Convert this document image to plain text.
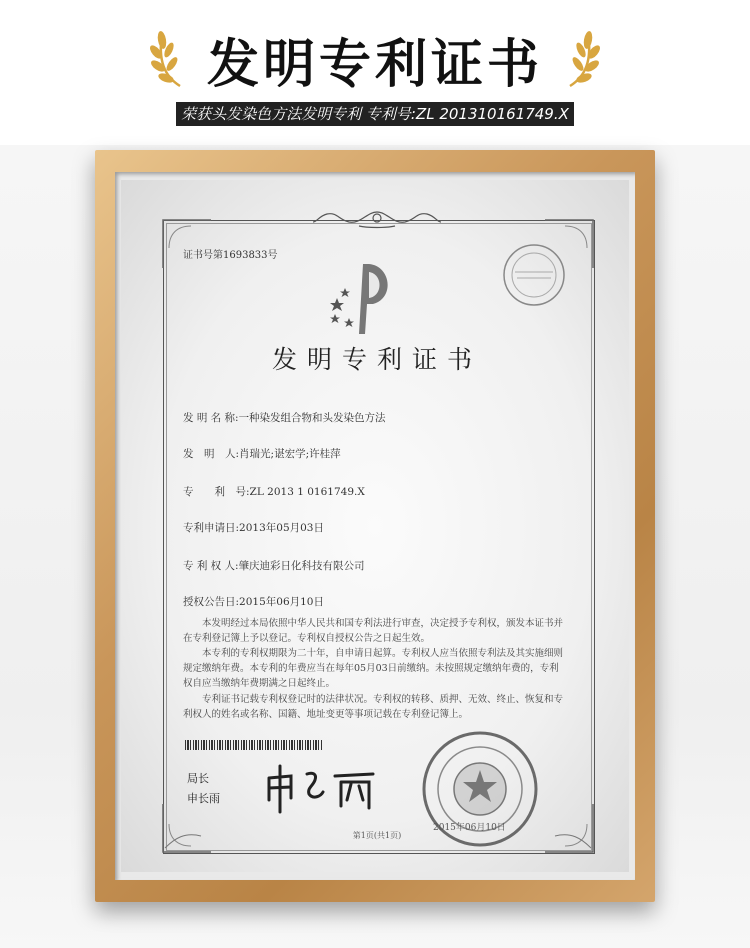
发明专利证书
荣获头发染色方法发明专利 专利号:ZL 201310161749.X
证书号第1693833号
发明专利证书
发 明 名 称:一种染发组合物和头发染色方法
发　明　人:肖瑞光;谌宏学;许桂萍
专　　利　号:ZL 2013 1 0161749.X
专利申请日:2013年05月03日
专 利 权 人:肇庆迪彩日化科技有限公司
授权公告日:2015年06月10日
本发明经过本局依照中华人民共和国专利法进行审查，决定授予专利权，颁发本证书并在专利登记簿上予以登记。专利权自授权公告之日起生效。
本专利的专利权期限为二十年，自申请日起算。专利权人应当依照专利法及其实施细则规定缴纳年费。本专利的年费应当在每年05月03日前缴纳。未按照规定缴纳年费的，专利权自应当缴纳年费期满之日起终止。
专利证书记载专利权登记时的法律状况。专利权的转移、质押、无效、终止、恢复和专利权人的姓名或名称、国籍、地址变更等事项记载在专利登记簿上。
局长
申长雨
2015年06月10日
第1页(共1页)
